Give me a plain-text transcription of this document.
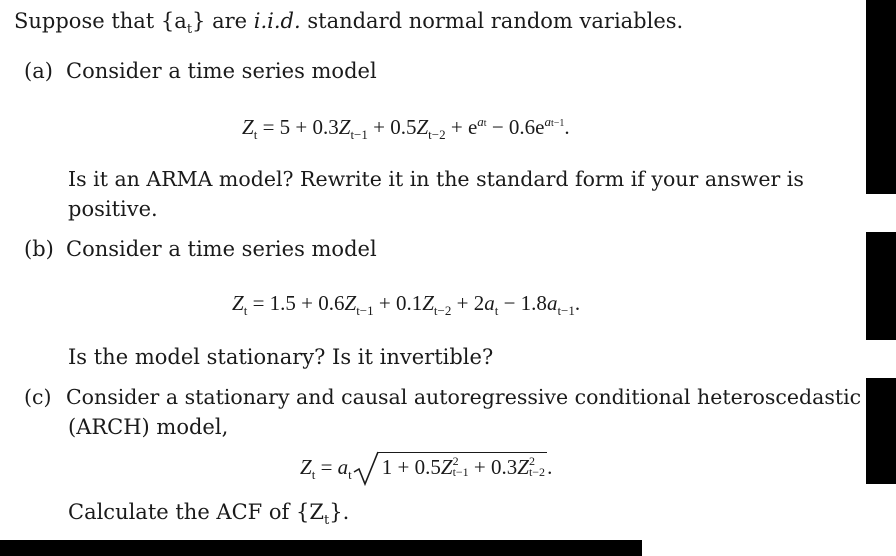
Suppose that $\{a_t\}$ are i.i.d. standard normal random variables.
(a) Consider a time series model
$Z_t = 5 + 0.3Z_{t-1} + 0.5Z_{t-2} + e^{at} - 0.6e^{at-1}$.
Is it an ARMA model? Rewrite it in the standard form if your answer is
positive.
(b) Consider a time series model
$Z_t = 1.5 + 0.6Z_{t-1} + 0.1Z_{t-2} + 2a_t - 1.8a_{t-1}$.
Is the model stationary? Is it invertible?
(c) Consider a stationary and causal autoregressive conditional heteroscedastic
(ARCH) model,
$Z_t = a_t$ 1 + 0.5Z 2
t−1 + 0.3Z 2
t−2 .
Calculate the ACF of $\{Z_t\}$.
